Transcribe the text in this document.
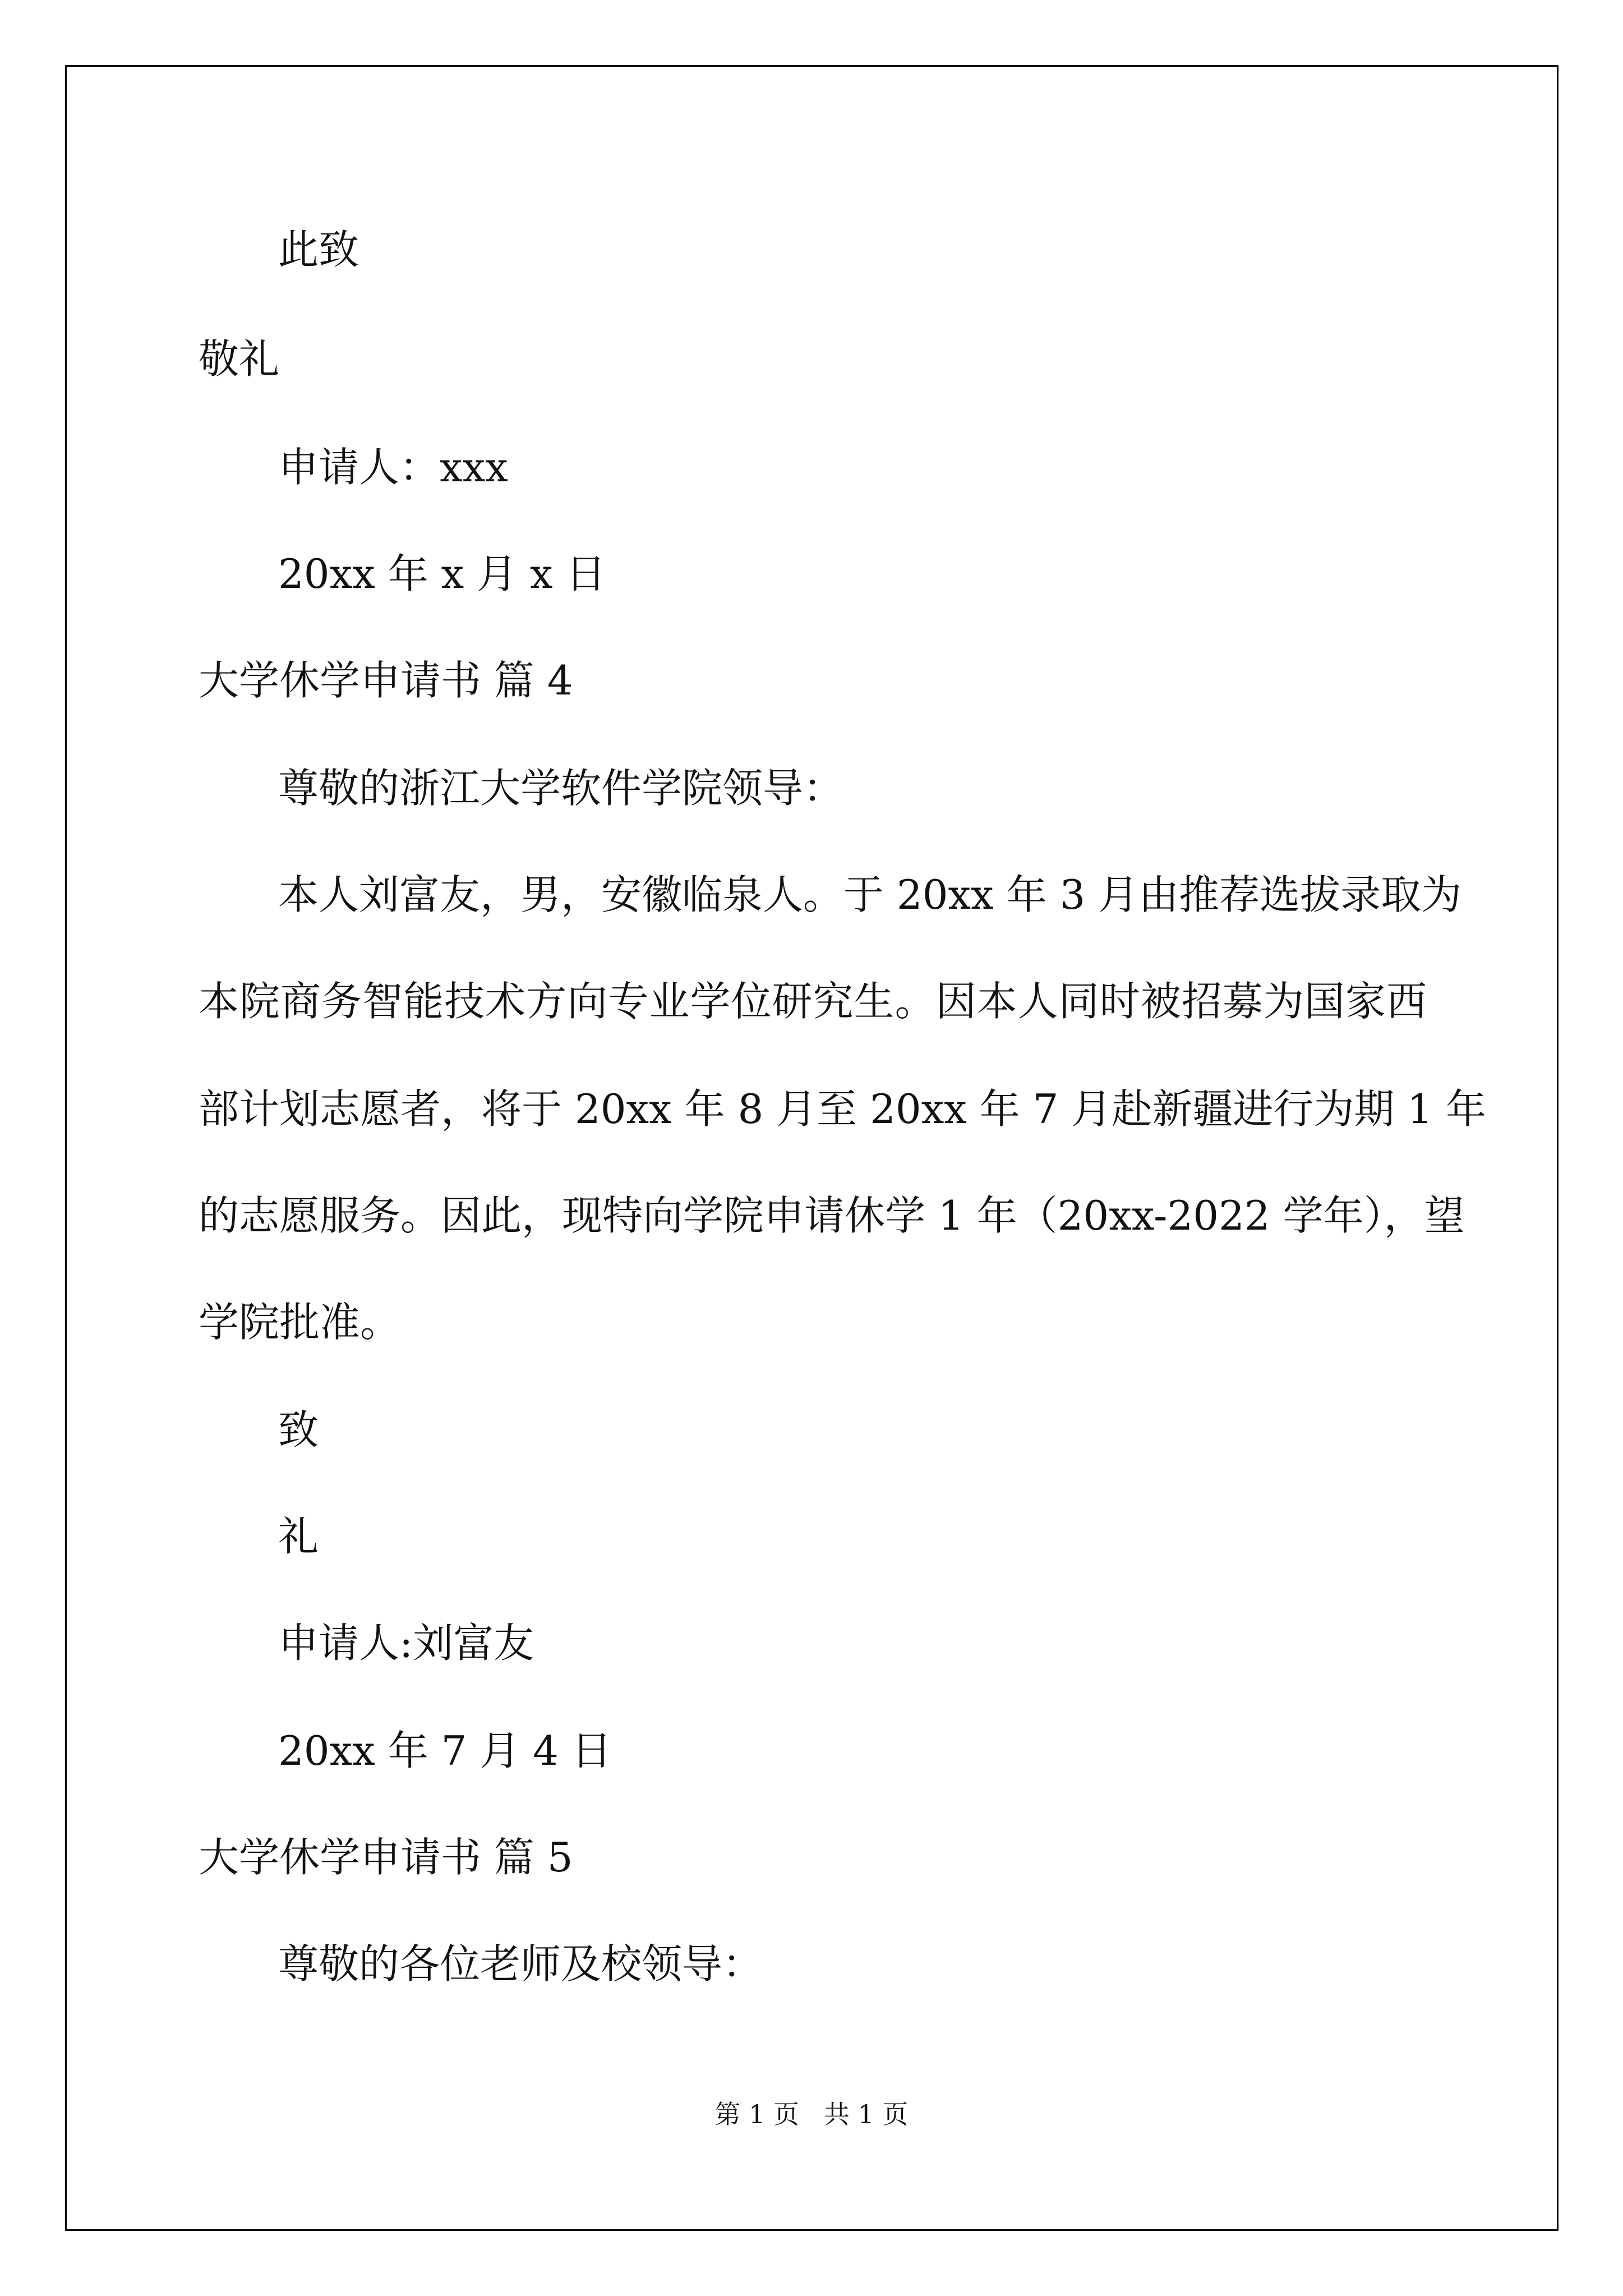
此致

敬礼

申请人：xxx

20xx 年 x 月 x 日

大学休学申请书 篇 4

尊敬的浙江大学软件学院领导：

本人刘富友，男，安徽临泉人。于 20xx 年 3 月由推荐选拔录取为

本院商务智能技术方向专业学位研究生。因本人同时被招募为国家西

部计划志愿者，将于 20xx 年 8 月至 20xx 年 7 月赴新疆进行为期 1 年

的志愿服务。因此，现特向学院申请休学 1 年（20xx-2022 学年），望

学院批准。

致

礼

申请人:刘富友

20xx 年 7 月 4 日

大学休学申请书 篇 5

尊敬的各位老师及校领导：

第 1 页   共 1 页
